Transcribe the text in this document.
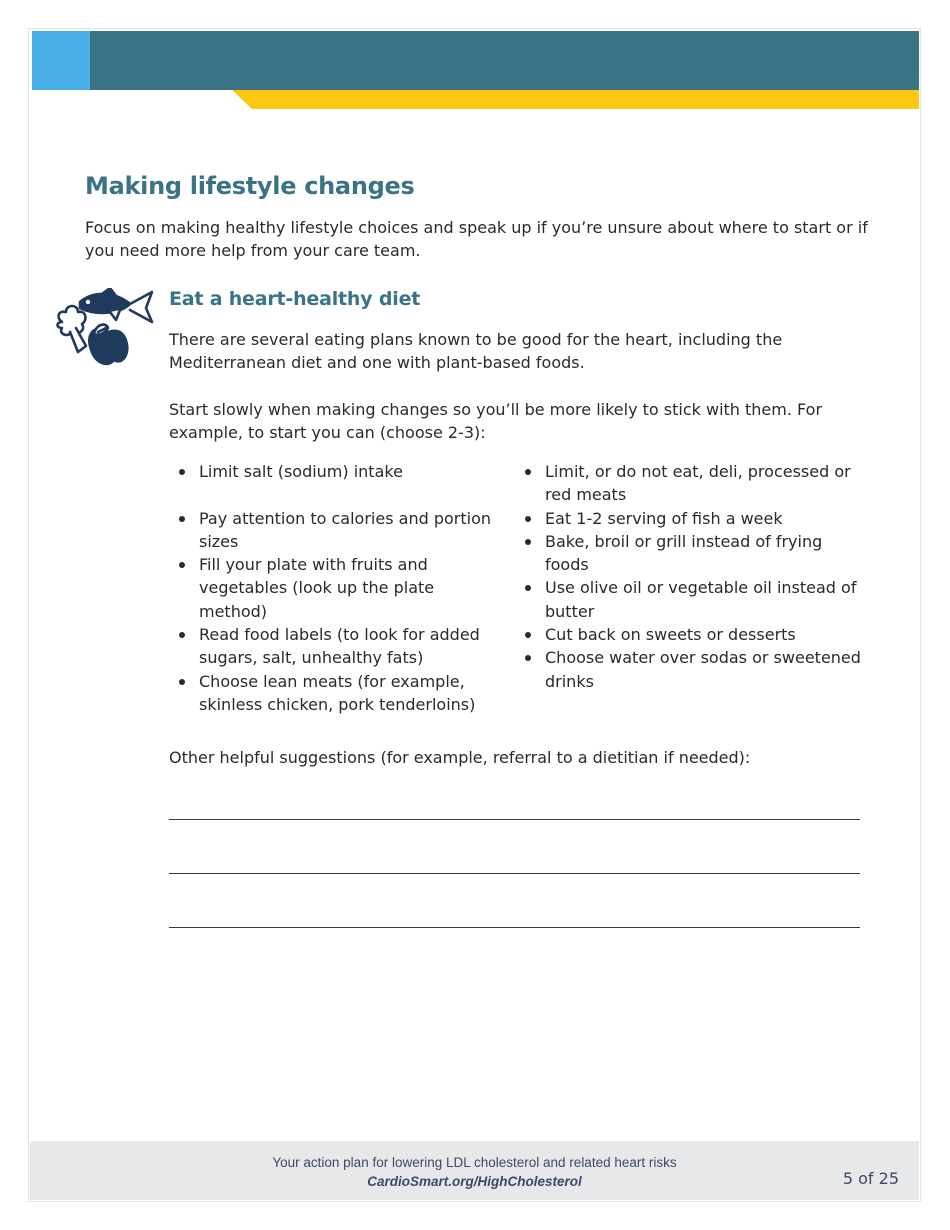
Making lifestyle changes

Focus on making healthy lifestyle choices and speak up if you’re unsure about where to start or if you need more help from your care team.

Eat a heart-healthy diet

There are several eating plans known to be good for the heart, including the Mediterranean diet and one with plant-based foods.

Start slowly when making changes so you’ll be more likely to stick with them. For example, to start you can (choose 2-3):

Limit salt (sodium) intake
Pay attention to calories and portion sizes
Fill your plate with fruits and vegetables (look up the plate method)
Read food labels (to look for added sugars, salt, unhealthy fats)
Choose lean meats (for example, skinless chicken, pork tenderloins)
Limit, or do not eat, deli, processed or red meats
Eat 1-2 serving of fish a week
Bake, broil or grill instead of frying foods
Use olive oil or vegetable oil instead of butter
Cut back on sweets or desserts
Choose water over sodas or sweetened drinks

Other helpful suggestions (for example, referral to a dietitian if needed):

Your action plan for lowering LDL cholesterol and related heart risks
CardioSmart.org/HighCholesterol	5 of 25
